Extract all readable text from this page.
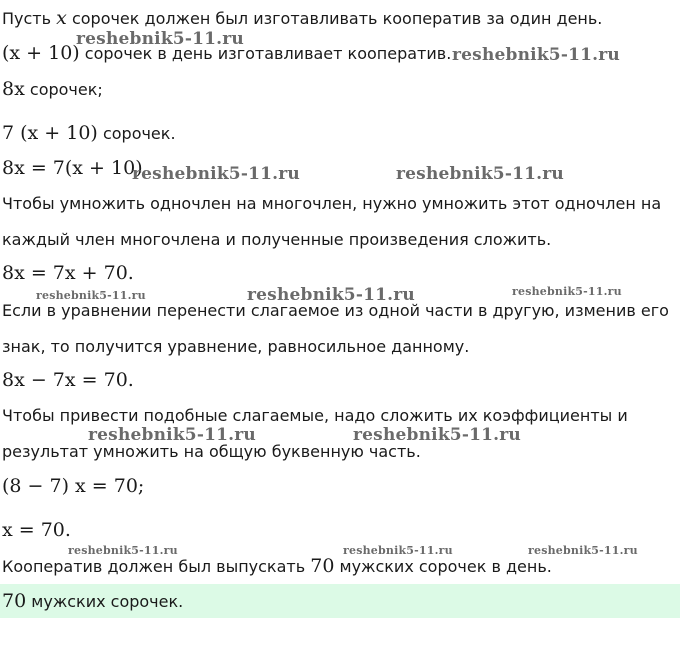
Пусть x сорочек должен был изготавливать кооператив за один день.
(x + 10) сорочек в день изготавливает кооператив.
8x сорочек;
7 (x + 10) сорочек.
8x = 7(x + 10)
Чтобы умножить одночлен на многочлен, нужно умножить этот одночлен на
каждый член многочлена и полученные произведения сложить.
8x = 7x + 70.
Если в уравнении перенести слагаемое из одной части в другую, изменив его
знак, то получится уравнение, равносильное данному.
8x − 7x = 70.
Чтобы привести подобные слагаемые, надо сложить их коэффициенты и
результат умножить на общую буквенную часть.
(8 − 7) x = 70;
x = 70.
Кооператив должен был выпускать 70 мужских сорочек в день.
70 мужских сорочек.
reshebnik5-11.ru
reshebnik5-11.ru
reshebnik5-11.ru	reshebnik5-11.ru
reshebnik5-11.ru	reshebnik5-11.ru	reshebnik5-11.ru
reshebnik5-11.ru	reshebnik5-11.ru
reshebnik5-11.ru	reshebnik5-11.ru	reshebnik5-11.ru
